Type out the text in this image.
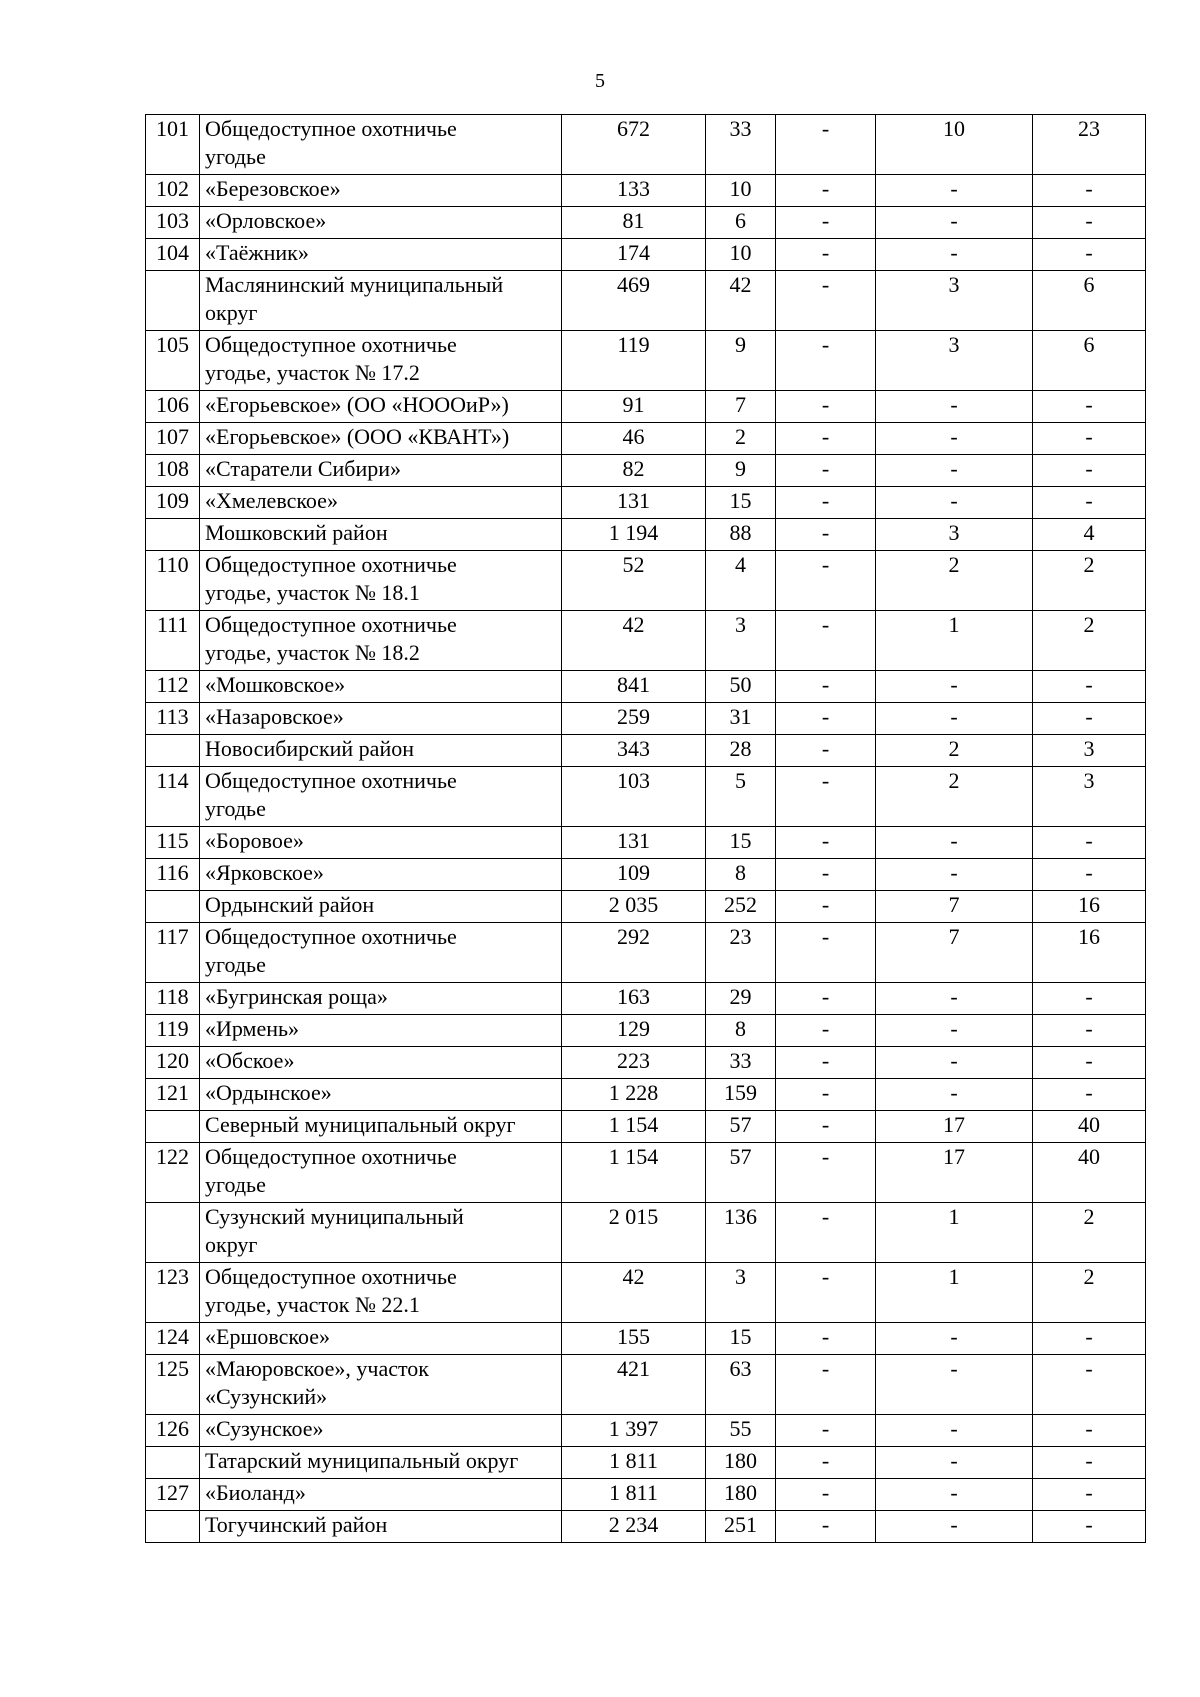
5
101	Общедоступное охотничье
угодье	672	33	-	10	23
102	«Березовское»	133	10	-	-	-
103	«Орловское»	81	6	-	-	-
104	«Таёжник»	174	10	-	-	-

	Маслянинский муниципальный
округ	469	42	-	3	6
105	Общедоступное охотничье
угодье, участок № 17.2	119	9	-	3	6
106	«Егорьевское» (ОО «НОООиР»)	91	7	-	-	-
107	«Егорьевское» (ООО «КВАНТ»)	46	2	-	-	-
108	«Старатели Сибири»	82	9	-	-	-
109	«Хмелевское»	131	15	-	-	-

	Мошковский район	1 194	88	-	3	4
110	Общедоступное охотничье
угодье, участок № 18.1	52	4	-	2	2
111	Общедоступное охотничье
угодье, участок № 18.2	42	3	-	1	2
112	«Мошковское»	841	50	-	-	-
113	«Назаровское»	259	31	-	-	-

	Новосибирский район	343	28	-	2	3
114	Общедоступное охотничье
угодье	103	5	-	2	3
115	«Боровое»	131	15	-	-	-
116	«Ярковское»	109	8	-	-	-

	Ордынский район	2 035	252	-	7	16
117	Общедоступное охотничье
угодье	292	23	-	7	16
118	«Бугринская роща»	163	29	-	-	-
119	«Ирмень»	129	8	-	-	-
120	«Обское»	223	33	-	-	-
121	«Ордынское»	1 228	159	-	-	-

	Северный муниципальный округ	1 154	57	-	17	40
122	Общедоступное охотничье
угодье	1 154	57	-	17	40

	Сузунский муниципальный
округ	2 015	136	-	1	2
123	Общедоступное охотничье
угодье, участок № 22.1	42	3	-	1	2
124	«Ершовское»	155	15	-	-	-
125	«Маюровское», участок
«Сузунский»	421	63	-	-	-
126	«Сузунское»	1 397	55	-	-	-

	Татарский муниципальный округ	1 811	180	-	-	-
127	«Биоланд»	1 811	180	-	-	-

	Тогучинский район	2 234	251	-	-	-
